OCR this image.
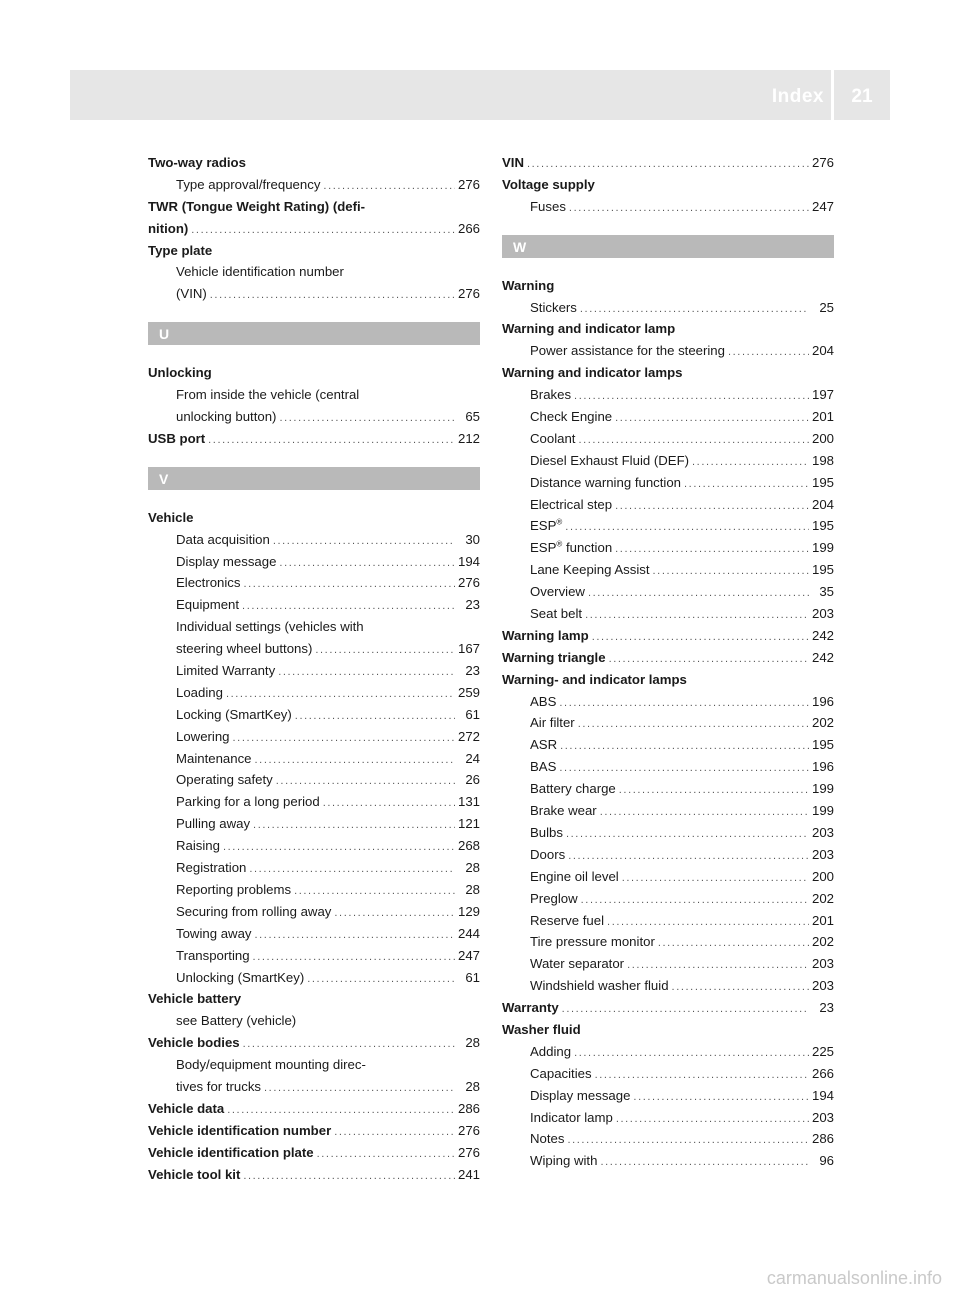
Index	21
Two-way radios
Type approval/frequency .....	276
TWR (Tongue Weight Rating) (defi-
nition) .....	266
Type plate
Vehicle identification number
(VIN) .....	276
U
Unlocking
From inside the vehicle (central
unlocking button) .....	65
USB port .....	212
V
Vehicle
Data acquisition .....	30
Display message .....	194
Electronics .....	276
Equipment .....	23
Individual settings (vehicles with
steering wheel buttons) .....	167
Limited Warranty .....	23
Loading .....	259
Locking (SmartKey) .....	61
Lowering .....	272
Maintenance .....	24
Operating safety .....	26
Parking for a long period .....	131
Pulling away .....	121
Raising .....	268
Registration .....	28
Reporting problems .....	28
Securing from rolling away .....	129
Towing away .....	244
Transporting .....	247
Unlocking (SmartKey) .....	61
Vehicle battery
see Battery (vehicle)
Vehicle bodies .....	28
Body/equipment mounting direc-
tives for trucks .....	28
Vehicle data .....	286
Vehicle identification number .....	276
Vehicle identification plate .....	276
Vehicle tool kit .....	241
VIN .....	276
Voltage supply
Fuses .....	247
W
Warning
Stickers .....	25
Warning and indicator lamp
Power assistance for the steering .....	204
Warning and indicator lamps
Brakes .....	197
Check Engine .....	201
Coolant .....	200
Diesel Exhaust Fluid (DEF) .....	198
Distance warning function .....	195
Electrical step .....	204
ESP® .....	195
ESP® function .....	199
Lane Keeping Assist .....	195
Overview .....	35
Seat belt .....	203
Warning lamp .....	242
Warning triangle .....	242
Warning- and indicator lamps
ABS .....	196
Air filter .....	202
ASR .....	195
BAS .....	196
Battery charge .....	199
Brake wear .....	199
Bulbs .....	203
Doors .....	203
Engine oil level .....	200
Preglow .....	202
Reserve fuel .....	201
Tire pressure monitor .....	202
Water separator .....	203
Windshield washer fluid .....	203
Warranty .....	23
Washer fluid
Adding .....	225
Capacities .....	266
Display message .....	194
Indicator lamp .....	203
Notes .....	286
Wiping with .....	96
carmanualsonline.info
